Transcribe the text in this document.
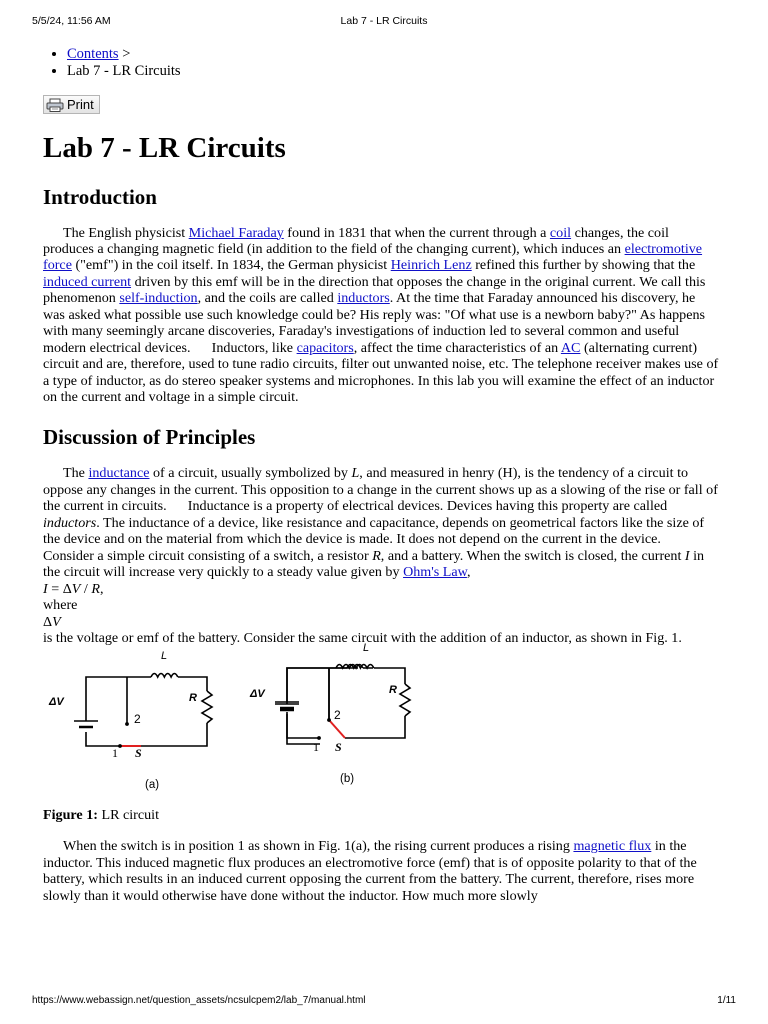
5/5/24, 11:56 AM	Lab 7 - LR Circuits
• Contents >
• Lab 7 - LR Circuits
Print
Lab 7 - LR Circuits
Introduction

The English physicist Michael Faraday found in 1831 that when the current through a coil changes, the coil produces a changing magnetic field (in addition to the field of the changing current), which induces an electromotive force ("emf") in the coil itself. In 1834, the German physicist Heinrich Lenz refined this further by showing that the induced current driven by this emf will be in the direction that opposes the change in the original current. We call this phenomenon self-induction, and the coils are called inductors. At the time that Faraday announced his discovery, he was asked what possible use such knowledge could be? His reply was: "Of what use is a newborn baby?" As happens with many seemingly arcane discoveries, Faraday's investigations of induction led to several common and useful modern electrical devices.      Inductors, like capacitors, affect the time characteristics of an AC (alternating current) circuit and are, therefore, used to tune radio circuits, filter out unwanted noise, etc. The telephone receiver makes use of a type of inductor, as do stereo speaker systems and microphones. In this lab you will examine the effect of an inductor on the current and voltage in a simple circuit.

Discussion of Principles

The inductance of a circuit, usually symbolized by L, and measured in henry (H), is the tendency of a circuit to oppose any changes in the current. This opposition to a change in the current shows up as a slowing of the rise or fall of the current in circuits.      Inductance is a property of electrical devices. Devices having this property are called inductors. The inductance of a device, like resistance and capacitance, depends on geometrical factors like the size of the device and on the material from which the device is made. It does not depend on the current in the device.      Consider a simple circuit consisting of a switch, a resistor R, and a battery. When the switch is closed, the current I in the circuit will increase very quickly to a steady value given by Ohm's Law,

I = ΔV / R,

where

ΔV

is the voltage or emf of the battery. Consider the same circuit with the addition of an inductor, as shown in Fig. 1.

L
R
ΔV
2
1 S
(a)
L
R
ΔV
2
1 S
(b)

Figure 1: LR circuit

When the switch is in position 1 as shown in Fig. 1(a), the rising current produces a rising magnetic flux in the inductor. This induced magnetic flux produces an electromotive force (emf) that is of opposite polarity to that of the battery, which results in an induced current opposing the current from the battery. The current, therefore, rises more slowly than it would otherwise have done without the inductor. How much more slowly

https://www.webassign.net/question_assets/ncsulcpem2/lab_7/manual.html	1/11
